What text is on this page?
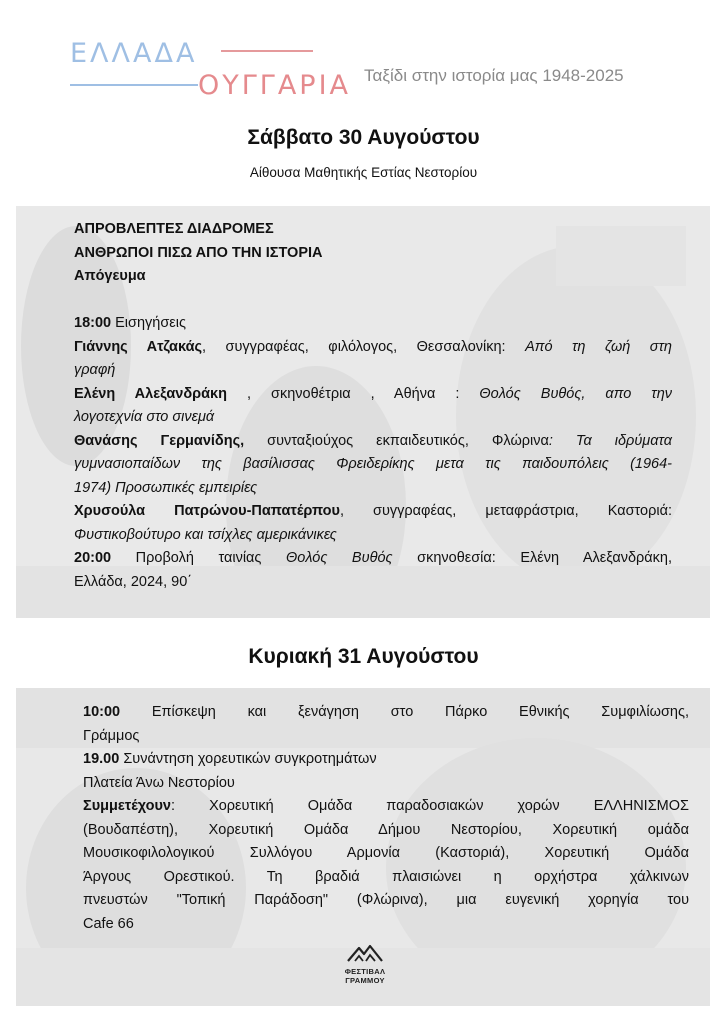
ΕΛΛΑΔΑ
ΟΥΓΓΑΡΙΑ Ταξίδι στην ιστορία μας 1948-2025
Σάββατο 30 Αυγούστου
Αίθουσα Μαθητικής Εστίας Νεστορίου
ΑΠΡΟΒΛΕΠΤΕΣ ΔΙΑΔΡΟΜΕΣ
ΑΝΘΡΩΠΟΙ ΠΙΣΩ ΑΠΟ ΤΗΝ ΙΣΤΟΡΙΑ
Απόγευμα

18:00 Εισηγήσεις
Γιάννης Ατζακάς, συγγραφέας, φιλόλογος, Θεσσαλονίκη: Από τη ζωή στη
γραφή
Ελένη Αλεξανδράκη , σκηνοθέτρια , Αθήνα : Θολός Βυθός, απο την
λογοτεχνία στο σινεμά
Θανάσης Γερμανίδης, συνταξιούχος εκπαιδευτικός, Φλώρινα: Τα ιδρύματα
γυμνασιοπαίδων της βασίλισσας Φρειδερίκης μετα τις παιδουπόλεις (1964-
1974) Προσωπικές εμπειρίες
Χρυσούλα Πατρώνου-Παπατέρπου, συγγραφέας, μεταφράστρια, Καστοριά:
Φυστικοβούτυρο και τσίχλες αμερικάνικες
20:00 Προβολή ταινίας Θολός Βυθός σκηνοθεσία: Ελένη Αλεξανδράκη,
Ελλάδα, 2024, 90΄
Κυριακή 31 Αυγούστου
10:00 Επίσκεψη και ξενάγηση στο Πάρκο Εθνικής Συμφιλίωσης,
Γράμμος
19.00 Συνάντηση χορευτικών συγκροτημάτων
Πλατεία Άνω Νεστορίου
Συμμετέχουν: Χορευτική Ομάδα παραδοσιακών χορών ΕΛΛΗΝΙΣΜΟΣ
(Βουδαπέστη), Χορευτική Ομάδα Δήμου Νεστορίου, Χορευτική ομάδα
Μουσικοφιλολογικού Συλλόγου Αρμονία (Καστοριά), Χορευτική Ομάδα
Άργους Ορεστικού. Τη βραδιά πλαισιώνει η ορχήστρα χάλκινων
πνευστών "Τοπική Παράδοση" (Φλώρινα), μια ευγενική χορηγία του
Cafe 66
ΦΕΣΤΙΒΑΛ
ΓΡΑΜΜΟΥ
